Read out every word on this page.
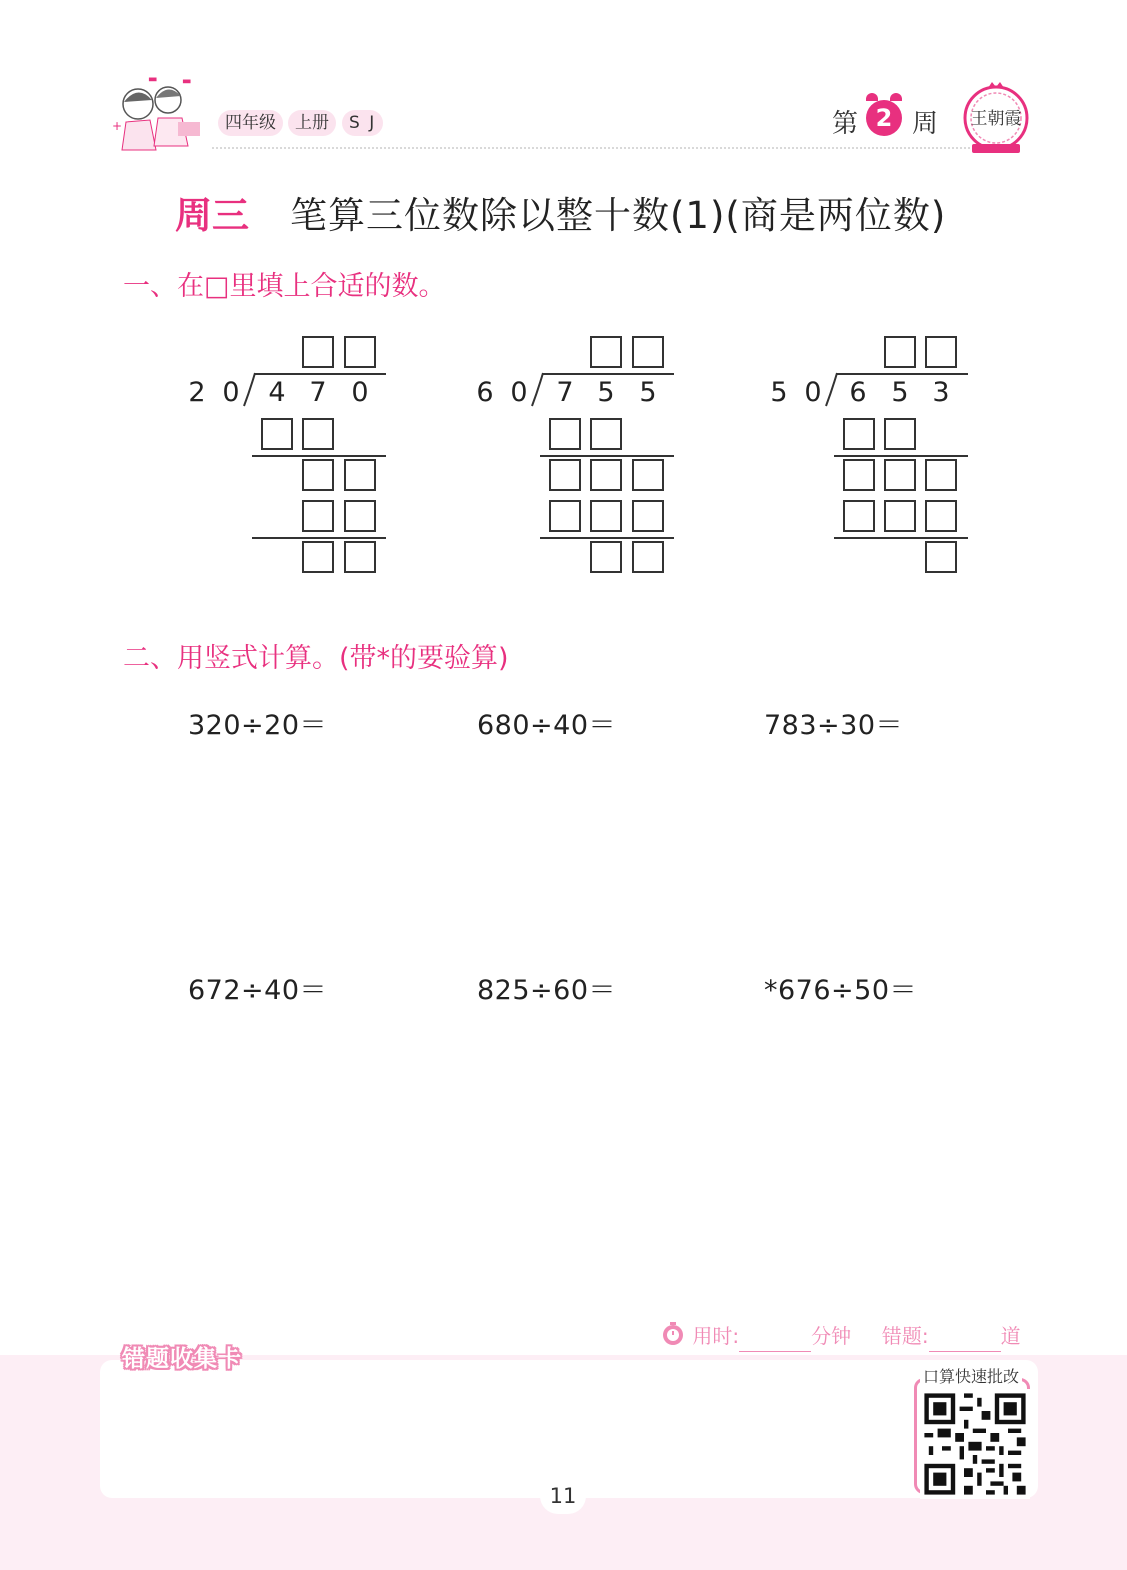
+
▬ ▬
四年级	上册	S J	第 2 周 王朝霞
周三 笔算三位数除以整十数(1)(商是两位数)
一、在□里填上合适的数。
2 0 4 7 0	6 0 7 5 5	5 0 6 5 3
二、用竖式计算。(带*的要验算)
320÷20＝	680÷40＝	783÷30＝
672÷40＝	825÷60＝	*676÷50＝
用时:	分钟 错题:	道
错题收集卡
口算快速批改
11
